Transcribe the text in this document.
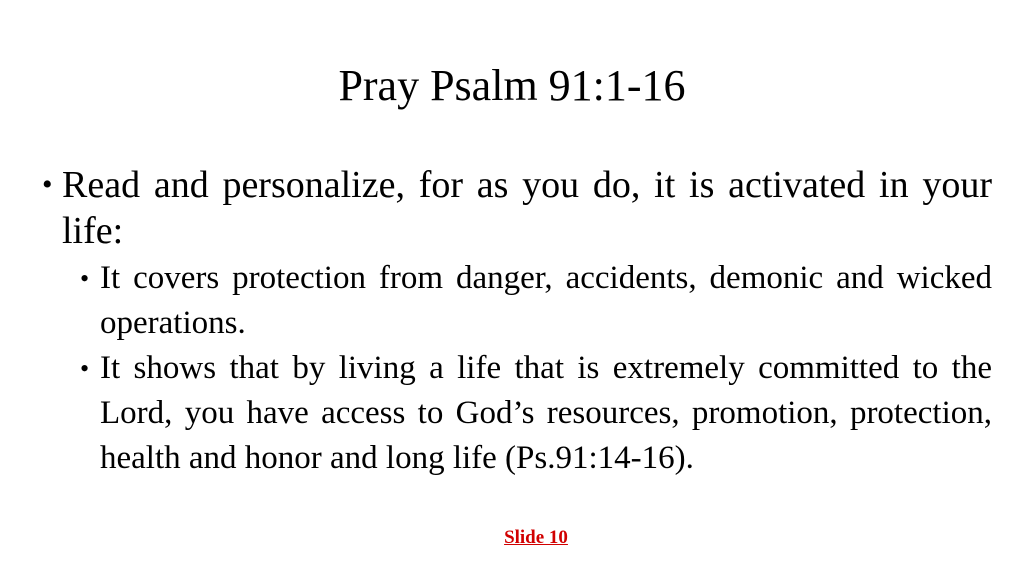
Pray Psalm 91:1-16
• Read and personalize, for as you do, it is activated in your life:
• It covers protection from danger, accidents, demonic and wicked operations.
• It shows that by living a life that is extremely committed to the Lord, you have access to God’s resources, promotion, protection, health and honor and long life (Ps.91:14-16).
Slide 10
